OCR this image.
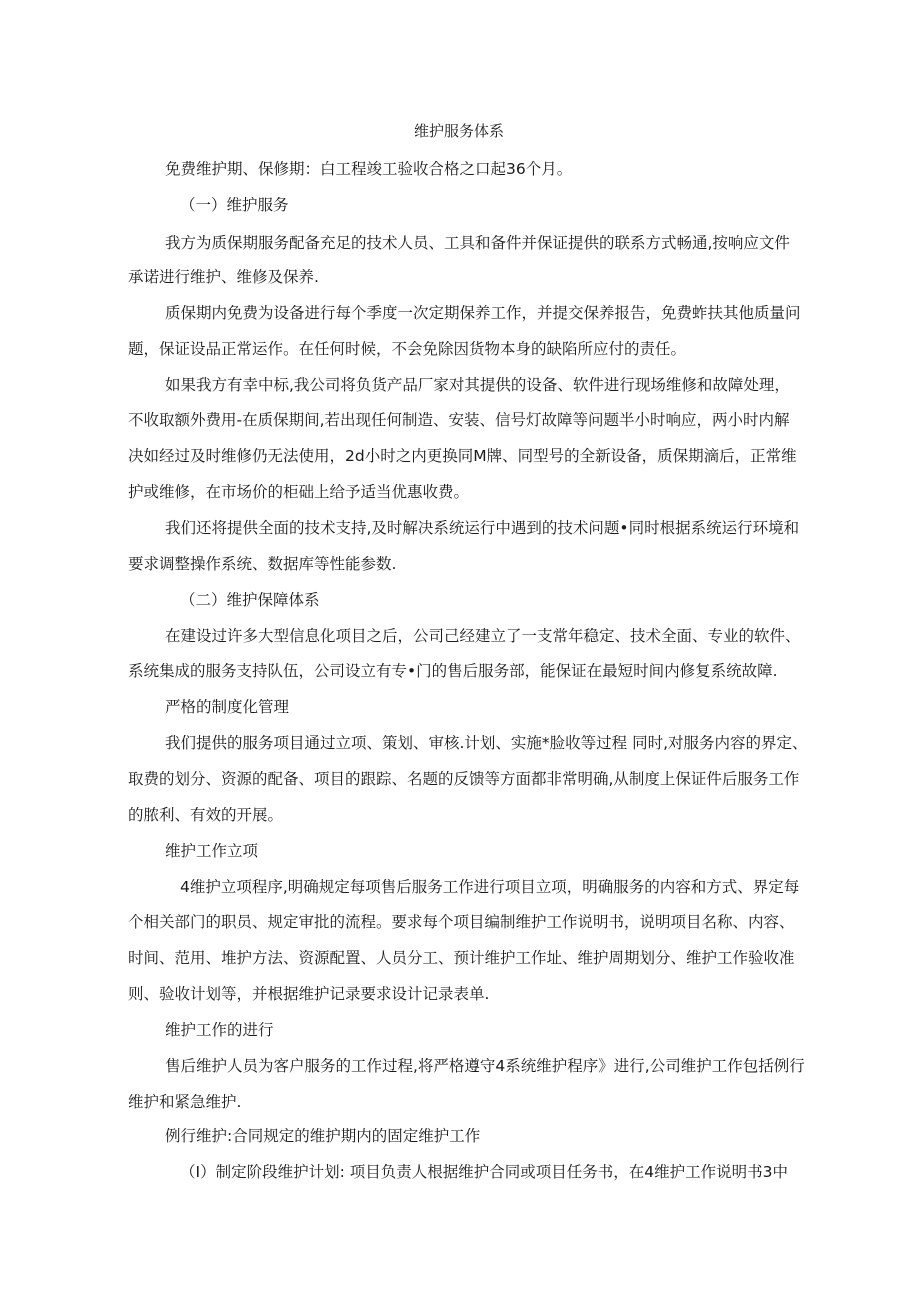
维护服务体系

免费维护期、保修期：白工程竣工验收合格之口起36个月。

（一）维护服务

我方为质保期服务配备充足的技术人员、工具和备件并保证提供的联系方式畅通,按响应文件

承诺进行维护、维修及保养.

质保期内免费为设备进行每个季度一次定期保养工作，并提交保养报告，免费蚱扶其他质量问

题，保证设品正常运作。在任何时候，不会免除因货物本身的缺陷所应付的责任。

如果我方有幸中标,我公司将负货产品厂家对其提供的设备、软件进行现场维修和故障处理，

不收取额外费用-在质保期间,若出现任何制造、安装、信号灯故障等问题半小时响应，两小时内解

决如经过及时维修仍无法使用，2d小时之内更换同M牌、同型号的全新设备，质保期滴后，正常维

护或维修，在市场价的柜础上给予适当优惠收费。

我们还将提供全面的技术支持,及时解决系统运行中遇到的技术问题•同时根据系统运行环境和

要求调整操作系统、数据库等性能参数.

（二）维护保障体系

在建设过许多大型信息化项目之后，公司己经建立了一支常年稳定、技术全面、专业的软件、

系统集成的服务支持队伍，公司设立有专•门的售后服务部，能保证在最短时间内修复系统故障.

严格的制度化管理

我们提供的服务项目通过立项、策划、审核.计划、实施*脸收等过程 同时,对服务内容的界定、

取费的划分、资源的配备、项目的跟踪、名题的反馈等方面都非常明确,从制度上保证件后服务工作

的脓利、有效的开展。

维护工作立项

4维护立项程序,明确规定每项售后服务工作进行项目立项，明确服务的内容和方式、界定每

个相关部门的职员、规定审批的流程。要求每个项目编制维护工作说明书，说明项目名称、内容、

时间、范用、堆护方法、资源配置、人员分工、预计维护工作址、维护周期划分、维护工作验收准

则、验收计划等，并根据维护记录要求设计记录表单.

维护工作的进行

售后维护人员为客户服务的工作过程,将严格遵守4系统维护程序》进行,公司维护工作包括例行

维护和紧急维护.

例行维护:合同规定的维护期内的固定维护工作

（I）制定阶段维护计划: 项目负责人根据维护合同或项目任务书，在4维护工作说明书3中
